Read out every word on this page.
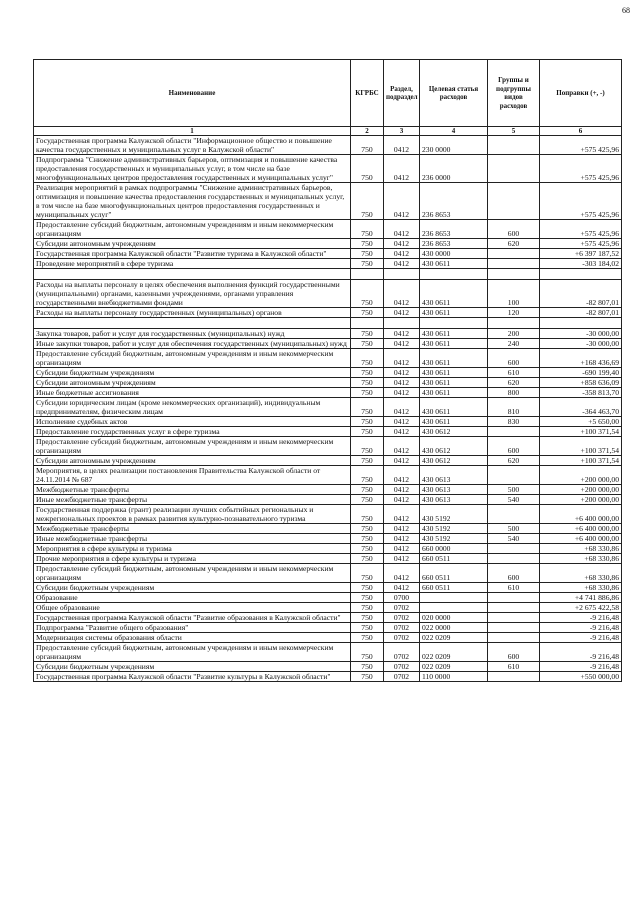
68
Наименование	КГРБС	Раздел, подраздел	Целевая статья расходов	Группы и подгруппы видов расходов	Поправки (+, -)
1	2	3	4	5	6
Государственная программа Калужской области "Информационное общество и повышение качества государственных и муниципальных услуг в Калужской области"	750	0412	230 0000		+575 425,96
Подпрограмма "Снижение административных барьеров, оптимизация и повышение качества предоставления государственных и муниципальных услуг, в том числе на базе многофункциональных центров предоставления государственных и муниципальных услуг"	750	0412	236 0000		+575 425,96
Реализация мероприятий в рамках подпрограммы "Снижение административных барьеров, оптимизация и повышение качества предоставления государственных и муниципальных услуг, в том числе на базе многофункциональных центров предоставления государственных и муниципальных услуг"	750	0412	236 8653		+575 425,96
Предоставление субсидий бюджетным, автономным учреждениям и иным некоммерческим организациям	750	0412	236 8653	600	+575 425,96
Субсидии автономным учреждениям	750	0412	236 8653	620	+575 425,96
Государственная программа Калужской области "Развитие туризма в Калужской области"	750	0412	430 0000		+6 397 187,52
Проведение мероприятий в сфере туризма	750	0412	430 0611		-303 184,02

Расходы на выплаты персоналу в целях обеспечения выполнения функций государственными (муниципальными) органами, казенными учреждениями, органами управления государственными внебюджетными фондами	750	0412	430 0611	100	-82 807,01
Расходы на выплаты персоналу государственных (муниципальных) органов	750	0412	430 0611	120	-82 807,01

Закупка товаров, работ и услуг для государственных (муниципальных) нужд	750	0412	430 0611	200	-30 000,00
Иные закупки товаров, работ и услуг для обеспечения государственных (муниципальных) нужд	750	0412	430 0611	240	-30 000,00
Предоставление субсидий бюджетным, автономным учреждениям и иным некоммерческим организациям	750	0412	430 0611	600	+168 436,69
Субсидии бюджетным учреждениям	750	0412	430 0611	610	-690 199,40
Субсидии автономным учреждениям	750	0412	430 0611	620	+858 636,09
Иные бюджетные ассигнования	750	0412	430 0611	800	-358 813,70
Субсидии юридическим лицам (кроме некоммерческих организаций), индивидуальным предпринимателям, физическим лицам	750	0412	430 0611	810	-364 463,70
Исполнение судебных актов	750	0412	430 0611	830	+5 650,00
Предоставление государственных услуг в сфере туризма	750	0412	430 0612		+100 371,54
Предоставление субсидий бюджетным, автономным учреждениям и иным некоммерческим организациям	750	0412	430 0612	600	+100 371,54
Субсидии автономным учреждениям	750	0412	430 0612	620	+100 371,54
Мероприятия, в целях реализации постановления Правительства Калужской области от 24.11.2014 № 687	750	0412	430 0613		+200 000,00
Межбюджетные трансферты	750	0412	430 0613	500	+200 000,00
Иные межбюджетные трансферты	750	0412	430 0613	540	+200 000,00
Государственная поддержка (грант) реализации лучших событийных региональных и межрегиональных проектов в рамках развития культурно-познавательного туризма	750	0412	430 5192		+6 400 000,00
Межбюджетные трансферты	750	0412	430 5192	500	+6 400 000,00
Иные межбюджетные трансферты	750	0412	430 5192	540	+6 400 000,00
Мероприятия в сфере культуры и туризма	750	0412	660 0000		+68 330,86
Прочие мероприятия в сфере культуры и туризма	750	0412	660 0511		+68 330,86
Предоставление субсидий бюджетным, автономным учреждениям и иным некоммерческим организациям	750	0412	660 0511	600	+68 330,86
Субсидии бюджетным учреждениям	750	0412	660 0511	610	+68 330,86
Образование	750	0700			+4 741 886,86
Общее образование	750	0702			+2 675 422,58
Государственная программа Калужской области "Развитие образования в Калужской области"	750	0702	020 0000		-9 216,48
Подпрограмма "Развитие общего образования"	750	0702	022 0000		-9 216,48
Модернизация системы образования области	750	0702	022 0209		-9 216,48
Предоставление субсидий бюджетным, автономным учреждениям и иным некоммерческим организациям	750	0702	022 0209	600	-9 216,48
Субсидии бюджетным учреждениям	750	0702	022 0209	610	-9 216,48
Государственная программа Калужской области "Развитие культуры в Калужской области"	750	0702	110 0000		+550 000,00
